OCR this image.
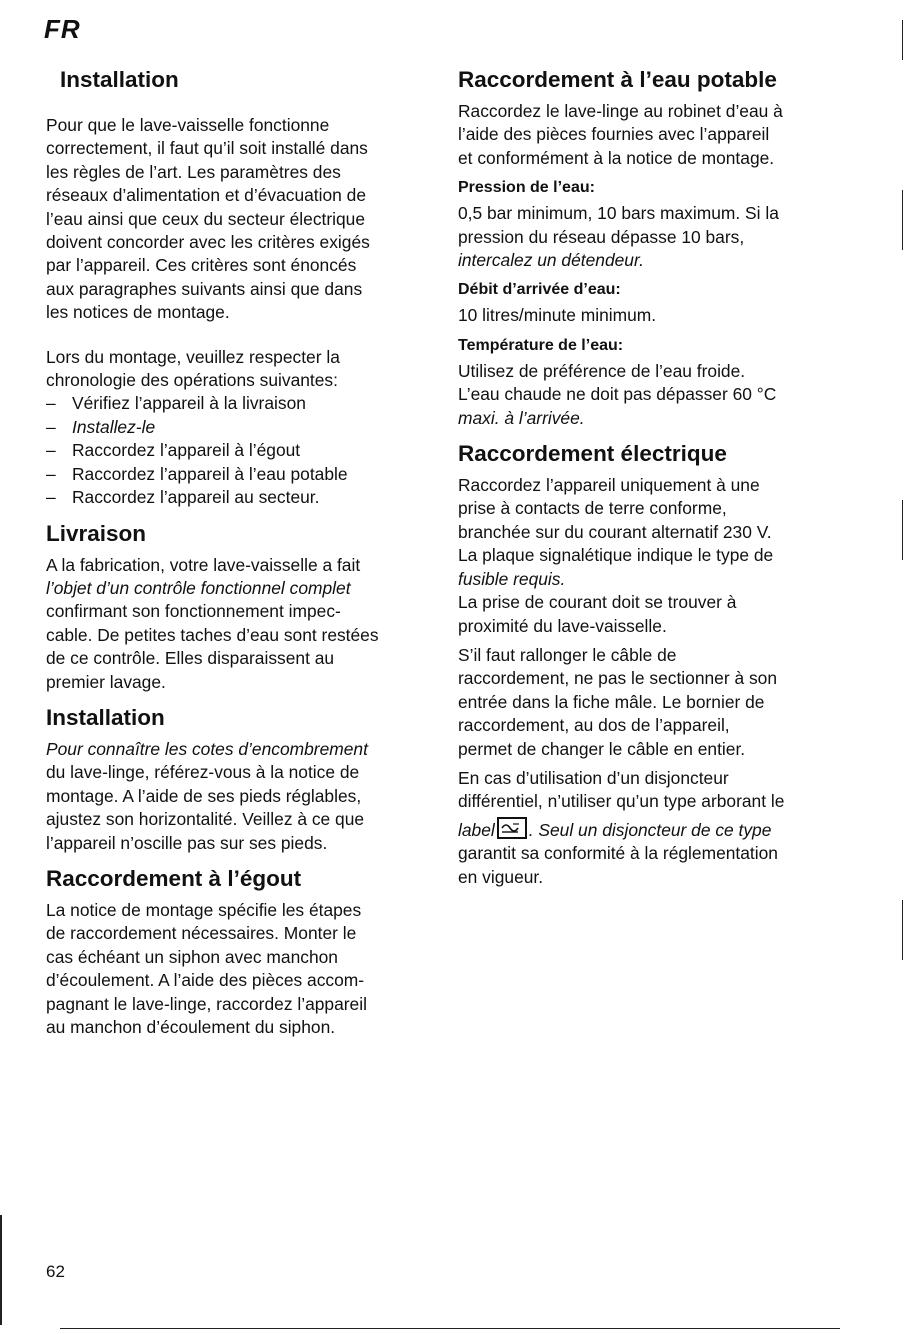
FR
Installation

Pour que le lave-vaisselle fonctionne

correctement, il faut qu’il soit installé dans

les règles de l’art. Les paramètres des

réseaux d’alimentation et d’évacuation de

l’eau ainsi que ceux du secteur électrique

doivent concorder avec les critères exigés

par l’appareil. Ces critères sont énoncés

aux paragraphes suivants ainsi que dans

les notices de montage.

Lors du montage, veuillez respecter la

chronologie des opérations suivantes:

– Vérifiez l’appareil à la livraison
– Installez-le
– Raccordez l’appareil à l’égout
– Raccordez l’appareil à l’eau potable
– Raccordez l’appareil au secteur.
Livraison

A la fabrication, votre lave-vaisselle a fait

l’objet d’un contrôle fonctionnel complet

confirmant son fonctionnement impec-

cable. De petites taches d’eau sont restées

de ce contrôle. Elles disparaissent au

premier lavage.

Installation

Pour connaître les cotes d’encombrement

du lave-linge, référez-vous à la notice de

montage. A l’aide de ses pieds réglables,

ajustez son horizontalité. Veillez à ce que

l’appareil n’oscille pas sur ses pieds.

Raccordement à l’égout

La notice de montage spécifie les étapes

de raccordement nécessaires. Monter le

cas échéant un siphon avec manchon

d’écoulement. A l’aide des pièces accom-

pagnant le lave-linge, raccordez l’appareil

au manchon d’écoulement du siphon.

Raccordement à l’eau potable

Raccordez le lave-linge au robinet d’eau à

l’aide des pièces fournies avec l’appareil

et conformément à la notice de montage.

Pression de l’eau:

0,5 bar minimum, 10 bars maximum. Si la

pression du réseau dépasse 10 bars,

intercalez un détendeur.

Débit d’arrivée d’eau:

10 litres/minute minimum.

Température de l’eau:

Utilisez de préférence de l’eau froide.

L’eau chaude ne doit pas dépasser 60 °C

maxi. à l’arrivée.

Raccordement électrique

Raccordez l’appareil uniquement à une

prise à contacts de terre conforme,

branchée sur du courant alternatif 230 V.

La plaque signalétique indique le type de

fusible requis.

La prise de courant doit se trouver à

proximité du lave-vaisselle.

S’il faut rallonger le câble de

raccordement, ne pas le sectionner à son

entrée dans la fiche mâle. Le bornier de

raccordement, au dos de l’appareil,

permet de changer le câble en entier.

En cas d’utilisation d’un disjoncteur

différentiel, n’utiliser qu’un type arborant le

label . Seul un disjoncteur de ce type

garantit sa conformité à la réglementation

en vigueur.

62
